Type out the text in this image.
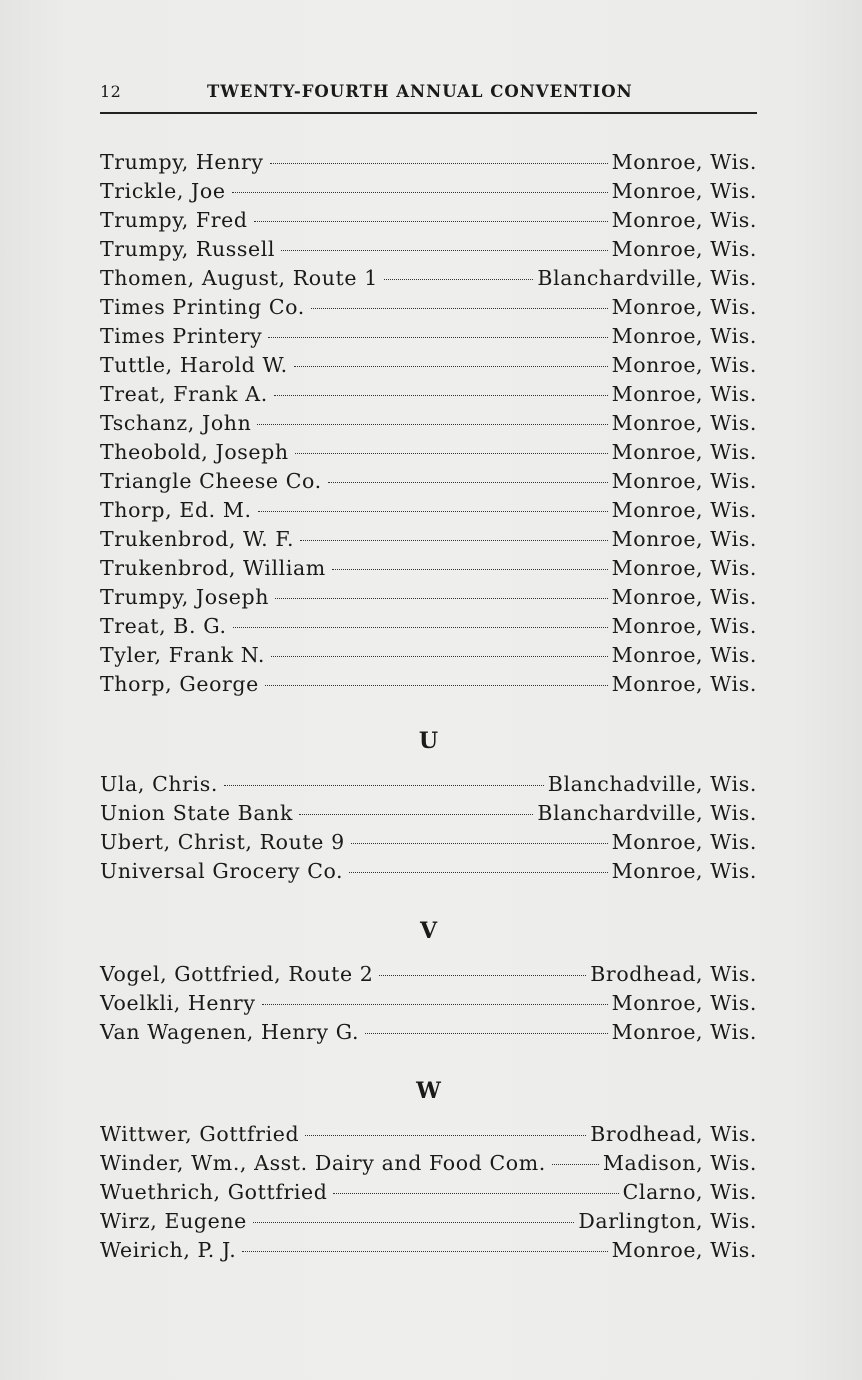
12	TWENTY-FOURTH ANNUAL CONVENTION
Trumpy, Henry	Monroe, Wis.
Trickle, Joe	Monroe, Wis.
Trumpy, Fred	Monroe, Wis.
Trumpy, Russell	Monroe, Wis.
Thomen, August, Route 1	Blanchardville, Wis.
Times Printing Co.	Monroe, Wis.
Times Printery	Monroe, Wis.
Tuttle, Harold W.	Monroe, Wis.
Treat, Frank A.	Monroe, Wis.
Tschanz, John	Monroe, Wis.
Theobold, Joseph	Monroe, Wis.
Triangle Cheese Co.	Monroe, Wis.
Thorp, Ed. M.	Monroe, Wis.
Trukenbrod, W. F.	Monroe, Wis.
Trukenbrod, William	Monroe, Wis.
Trumpy, Joseph	Monroe, Wis.
Treat, B. G.	Monroe, Wis.
Tyler, Frank N.	Monroe, Wis.
Thorp, George	Monroe, Wis.
U
Ula, Chris.	Blanchadville, Wis.
Union State Bank	Blanchardville, Wis.
Ubert, Christ, Route 9	Monroe, Wis.
Universal Grocery Co.	Monroe, Wis.
V
Vogel, Gottfried, Route 2	Brodhead, Wis.
Voelkli, Henry	Monroe, Wis.
Van Wagenen, Henry G.	Monroe, Wis.
W
Wittwer, Gottfried	Brodhead, Wis.
Winder, Wm., Asst. Dairy and Food Com.	Madison, Wis.
Wuethrich, Gottfried	Clarno, Wis.
Wirz, Eugene	Darlington, Wis.
Weirich, P. J.	Monroe, Wis.
